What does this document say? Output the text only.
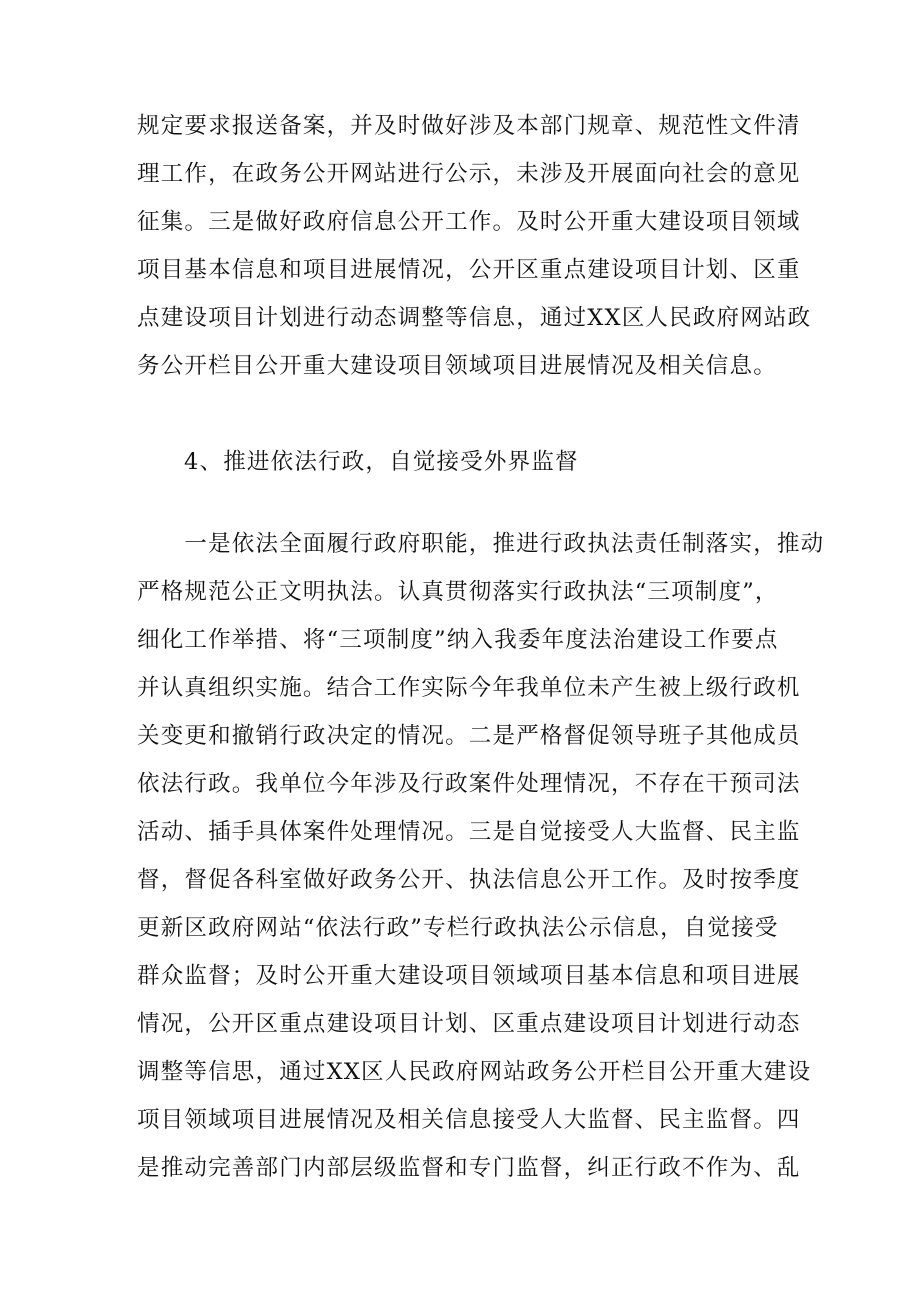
规定要求报送备案，并及时做好涉及本部门规章、规范性文件清
理工作，在政务公开网站进行公示，未涉及开展面向社会的意见
征集。三是做好政府信息公开工作。及时公开重大建设项目领域
项目基本信息和项目进展情况，公开区重点建设项目计划、区重
点建设项目计划进行动态调整等信息，通过XX区人民政府网站政
务公开栏目公开重大建设项目领域项目进展情况及相关信息。
4、推进依法行政，自觉接受外界监督
　　一是依法全面履行政府职能，推进行政执法责任制落实，推动
严格规范公正文明执法。认真贯彻落实行政执法“三项制度”，
细化工作举措、将“三项制度”纳入我委年度法治建设工作要点
并认真组织实施。结合工作实际今年我单位未产生被上级行政机
关变更和撤销行政决定的情况。二是严格督促领导班子其他成员
依法行政。我单位今年涉及行政案件处理情况，不存在干预司法
活动、插手具体案件处理情况。三是自觉接受人大监督、民主监
督，督促各科室做好政务公开、执法信息公开工作。及时按季度
更新区政府网站“依法行政”专栏行政执法公示信息，自觉接受
群众监督；及时公开重大建设项目领域项目基本信息和项目进展
情况，公开区重点建设项目计划、区重点建设项目计划进行动态
调整等信思，通过XX区人民政府网站政务公开栏目公开重大建设
项目领域项目进展情况及相关信息接受人大监督、民主监督。四
是推动完善部门内部层级监督和专门监督，纠正行政不作为、乱
